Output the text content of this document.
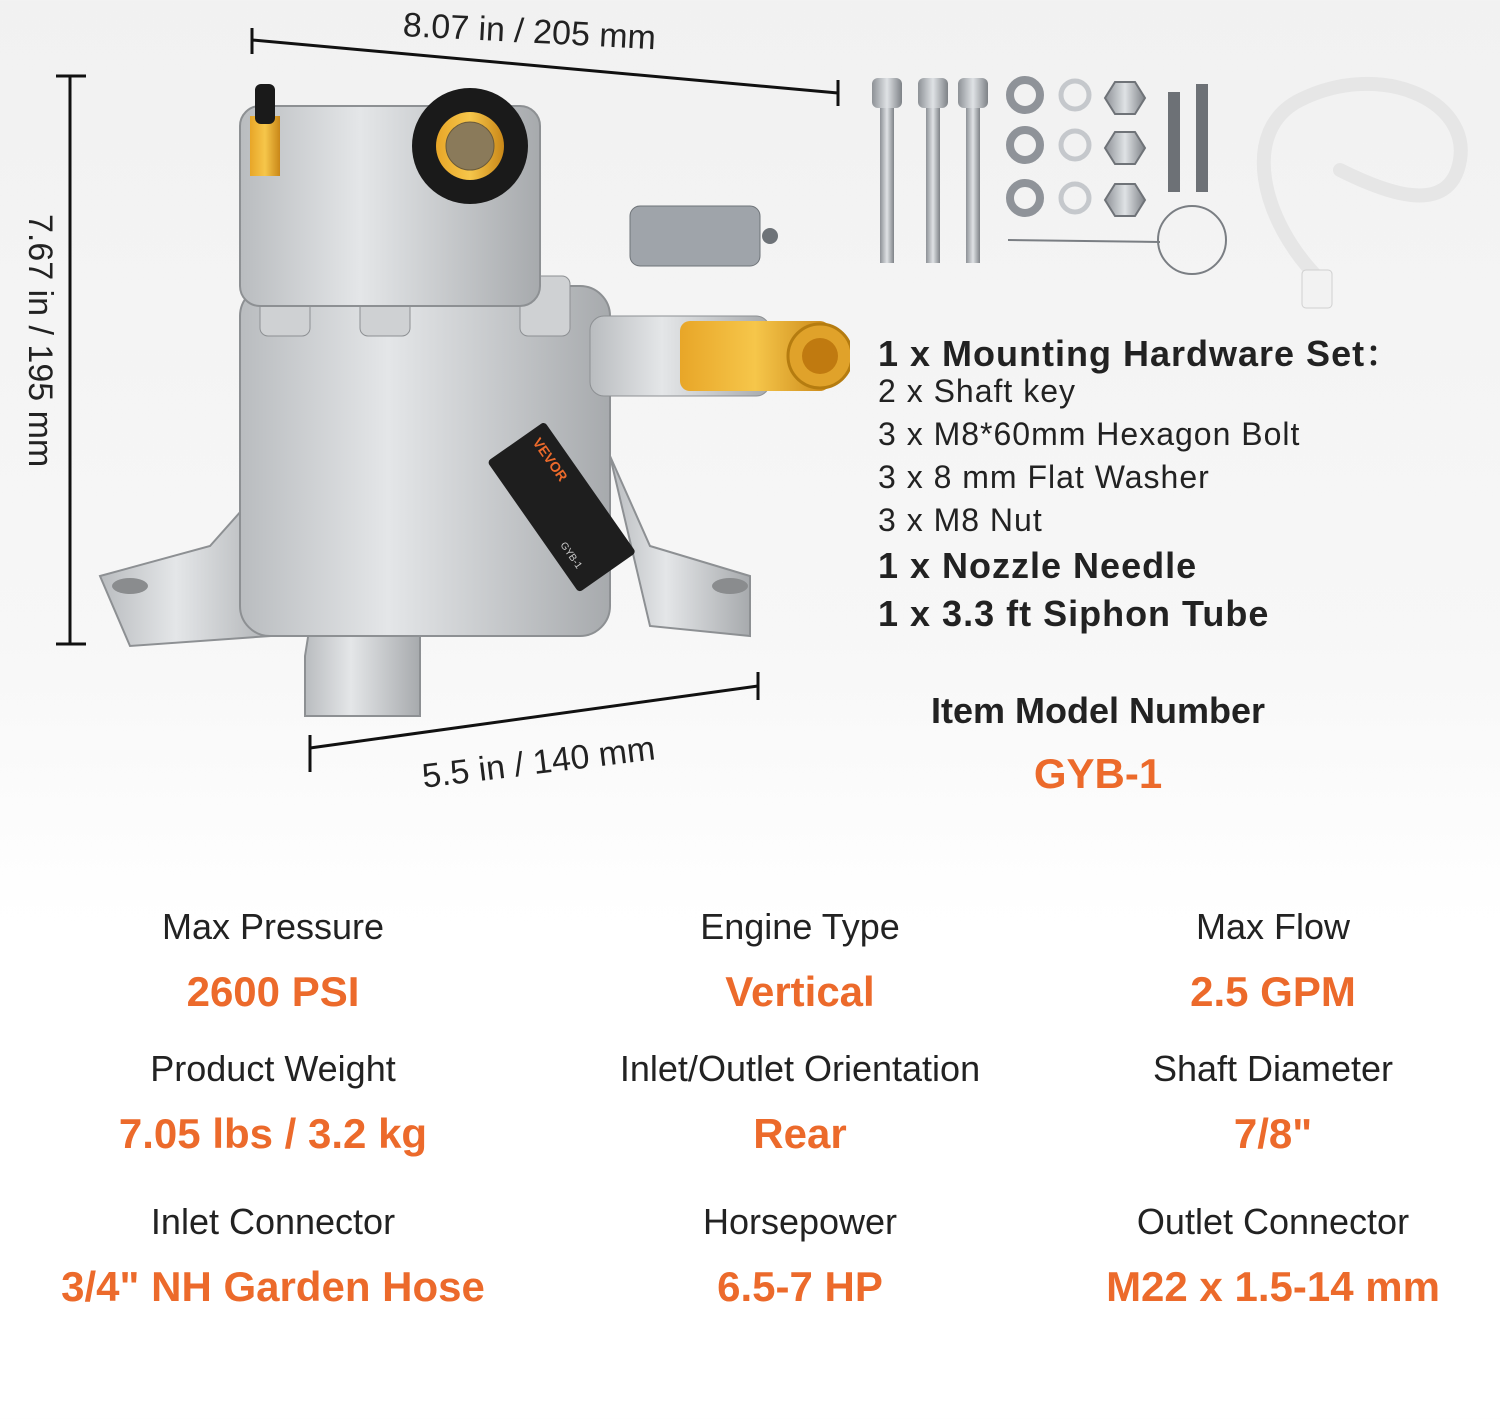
8.07 in / 205 mm
7.67 in / 195 mm
5.5 in / 140 mm
VEVOR
GYB-1
1 x Mounting Hardware Set：
2 x Shaft key
3 x M8*60mm Hexagon Bolt
3 x 8 mm Flat Washer
3 x M8 Nut
1 x Nozzle Needle
1 x 3.3 ft Siphon Tube
Item Model Number
GYB-1
Max Pressure
2600 PSI
Engine Type
Vertical
Max Flow
2.5 GPM
Product Weight
7.05 lbs / 3.2 kg
Inlet/Outlet Orientation
Rear
Shaft Diameter
7/8"
Inlet Connector
3/4" NH Garden Hose
Horsepower
6.5-7 HP
Outlet Connector
M22 x 1.5-14 mm
